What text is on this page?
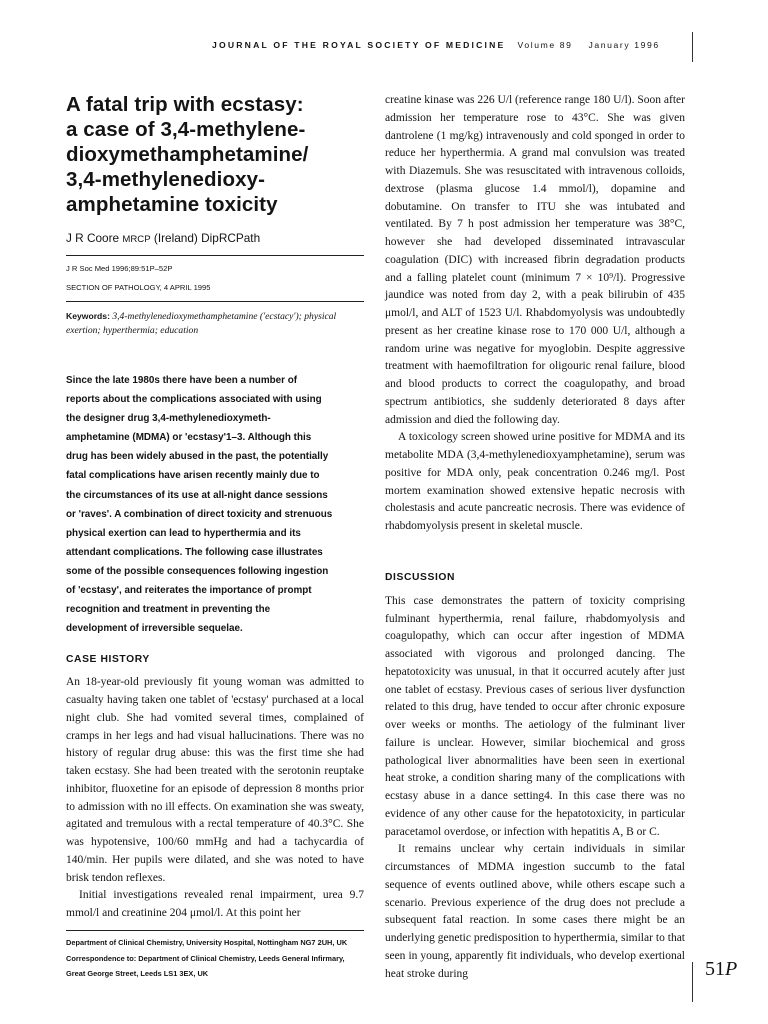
JOURNAL OF THE ROYAL SOCIETY OF MEDICINE Volume 89 January 1996
A fatal trip with ecstasy:
a case of 3,4-methylene-
dioxymethamphetamine/
3,4-methylenedioxy-
amphetamine toxicity
J R Coore MRCP (Ireland) DipRCPath

J R Soc Med 1996;89:51P–52P

SECTION OF PATHOLOGY, 4 APRIL 1995

Keywords: 3,4-methylenedioxymethamphetamine ('ecstacy'); physical exertion; hyperthermia; education
Since the late 1980s there have been a number of
reports about the complications associated with using
the designer drug 3,4-methylenedioxymeth-
amphetamine (MDMA) or 'ecstasy'1–3. Although this
drug has been widely abused in the past, the potentially
fatal complications have arisen recently mainly due to
the circumstances of its use at all-night dance sessions
or 'raves'. A combination of direct toxicity and strenuous
physical exertion can lead to hyperthermia and its
attendant complications. The following case illustrates
some of the possible consequences following ingestion
of 'ecstasy', and reiterates the importance of prompt
recognition and treatment in preventing the
development of irreversible sequelae.
CASE HISTORY

An 18-year-old previously fit young woman was admitted to casualty having taken one tablet of 'ecstasy' purchased at a local night club. She had vomited several times, complained of cramps in her legs and had visual hallucinations. There was no history of regular drug abuse: this was the first time she had taken ecstasy. She had been treated with the serotonin reuptake inhibitor, fluoxetine for an episode of depression 8 months prior to admission with no ill effects. On examination she was sweaty, agitated and tremulous with a rectal temperature of 40.3°C. She was hypotensive, 100/60 mmHg and had a tachycardia of 140/min. Her pupils were dilated, and she was noted to have brisk tendon reflexes.

Initial investigations revealed renal impairment, urea 9.7 mmol/l and creatinine 204 μmol/l. At this point her

Department of Clinical Chemistry, University Hospital, Nottingham NG7 2UH, UK
Correspondence to: Department of Clinical Chemistry, Leeds General Infirmary,
Great George Street, Leeds LS1 3EX, UK

creatine kinase was 226 U/l (reference range 180 U/l). Soon after admission her temperature rose to 43°C. She was given dantrolene (1 mg/kg) intravenously and cold sponged in order to reduce her hyperthermia. A grand mal convulsion was treated with Diazemuls. She was resuscitated with intravenous colloids, dextrose (plasma glucose 1.4 mmol/l), dopamine and dobutamine. On transfer to ITU she was intubated and ventilated. By 7 h post admission her temperature was 38°C, however she had developed disseminated intravascular coagulation (DIC) with increased fibrin degradation products and a falling platelet count (minimum 7 × 10⁹/l). Progressive jaundice was noted from day 2, with a peak bilirubin of 435 μmol/l, and ALT of 1523 U/l. Rhabdomyolysis was undoubtedly present as her creatine kinase rose to 170 000 U/l, although a random urine was negative for myoglobin. Despite aggressive treatment with haemofiltration for oligouric renal failure, blood and blood products to correct the coagulopathy, and broad spectrum antibiotics, she suddenly deteriorated 8 days after admission and died the following day.

A toxicology screen showed urine positive for MDMA and its metabolite MDA (3,4-methylenedioxyamphetamine), serum was positive for MDA only, peak concentration 0.246 mg/l. Post mortem examination showed extensive hepatic necrosis with cholestasis and acute pancreatic necrosis. There was evidence of rhabdomyolysis present in skeletal muscle.

DISCUSSION

This case demonstrates the pattern of toxicity comprising fulminant hyperthermia, renal failure, rhabdomyolysis and coagulopathy, which can occur after ingestion of MDMA associated with vigorous and prolonged dancing. The hepatotoxicity was unusual, in that it occurred acutely after just one tablet of ecstasy. Previous cases of serious liver dysfunction related to this drug, have tended to occur after chronic exposure over weeks or months. The aetiology of the fulminant liver failure is unclear. However, similar biochemical and gross pathological liver abnormalities have been seen in exertional heat stroke, a condition sharing many of the complications with ecstasy abuse in a dance setting4. In this case there was no evidence of any other cause for the hepatotoxicity, in particular paracetamol overdose, or infection with hepatitis A, B or C.

It remains unclear why certain individuals in similar circumstances of MDMA ingestion succumb to the fatal sequence of events outlined above, while others escape such a scenario. Previous experience of the drug does not preclude a subsequent fatal reaction. In some cases there might be an underlying genetic predisposition to hyperthermia, similar to that seen in young, apparently fit individuals, who develop exertional heat stroke during	51P
